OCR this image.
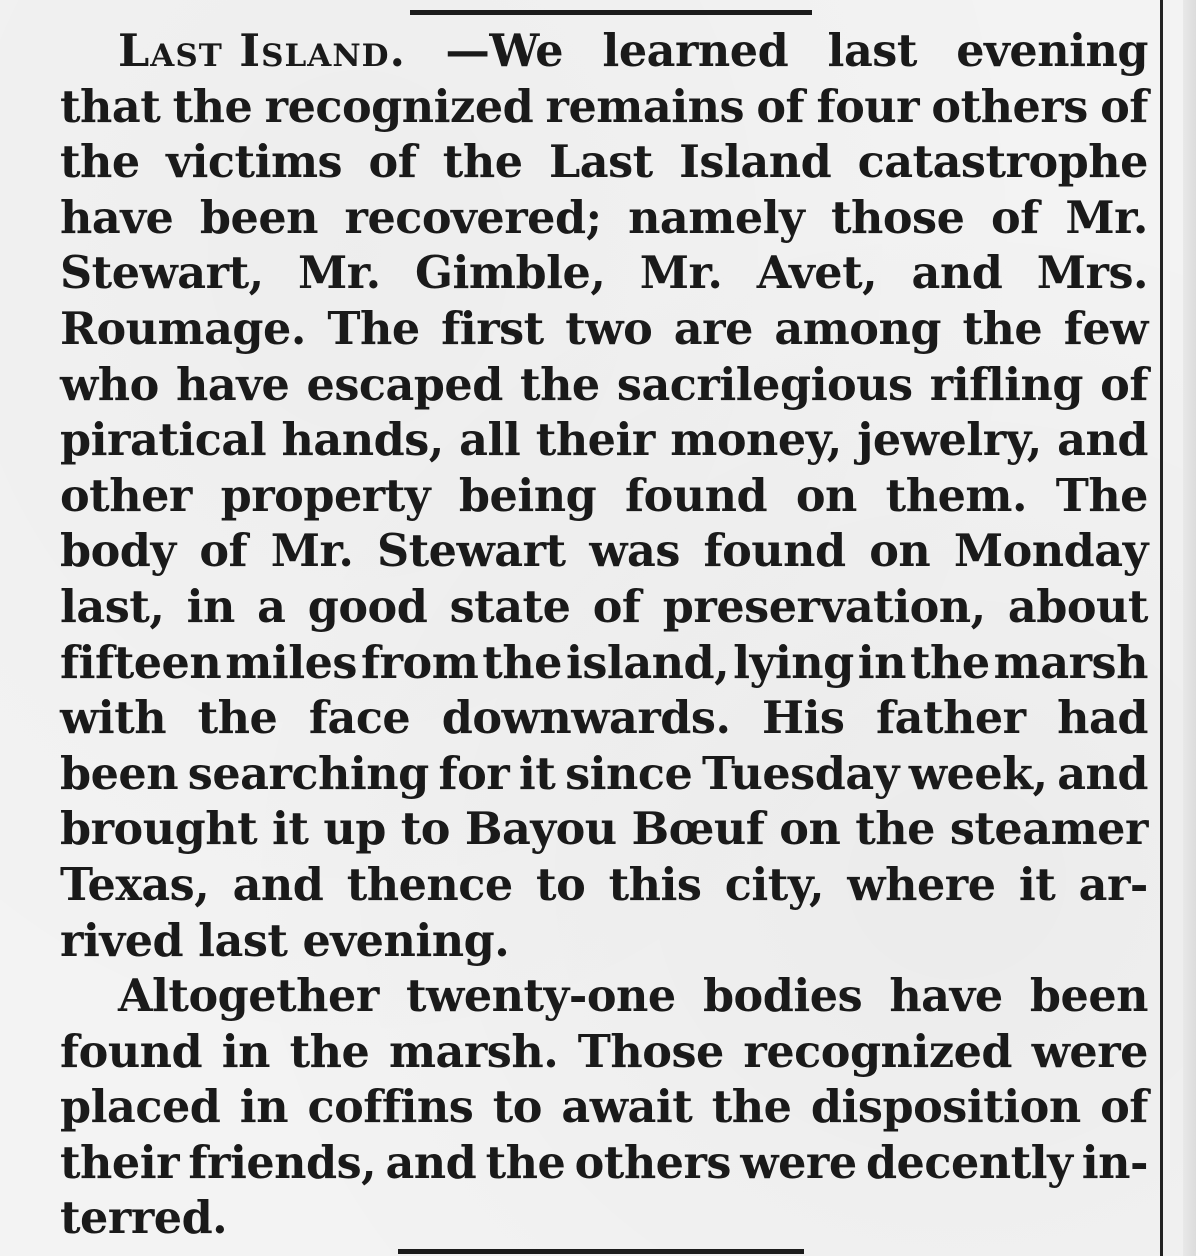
Last Island. —We learned last evening
that the recognized remains of four others of
the victims of the Last Island catastrophe
have been recovered; namely those of Mr.
Stewart, Mr. Gimble, Mr. Avet, and Mrs.
Roumage. The first two are among the few
who have escaped the sacrilegious rifling of
piratical hands, all their money, jewelry, and
other property being found on them. The
body of Mr. Stewart was found on Monday
last, in a good state of preservation, about
fifteen miles from the island, lying in the marsh
with the face downwards. His father had
been searching for it since Tuesday week, and
brought it up to Bayou Bœuf on the steamer
Texas, and thence to this city, where it ar-
rived
last
evening.

Altogether twenty-one bodies have been
found in the marsh. Those recognized were
placed in coffins to await the disposition of
their friends, and the others were decently in-
terred.
